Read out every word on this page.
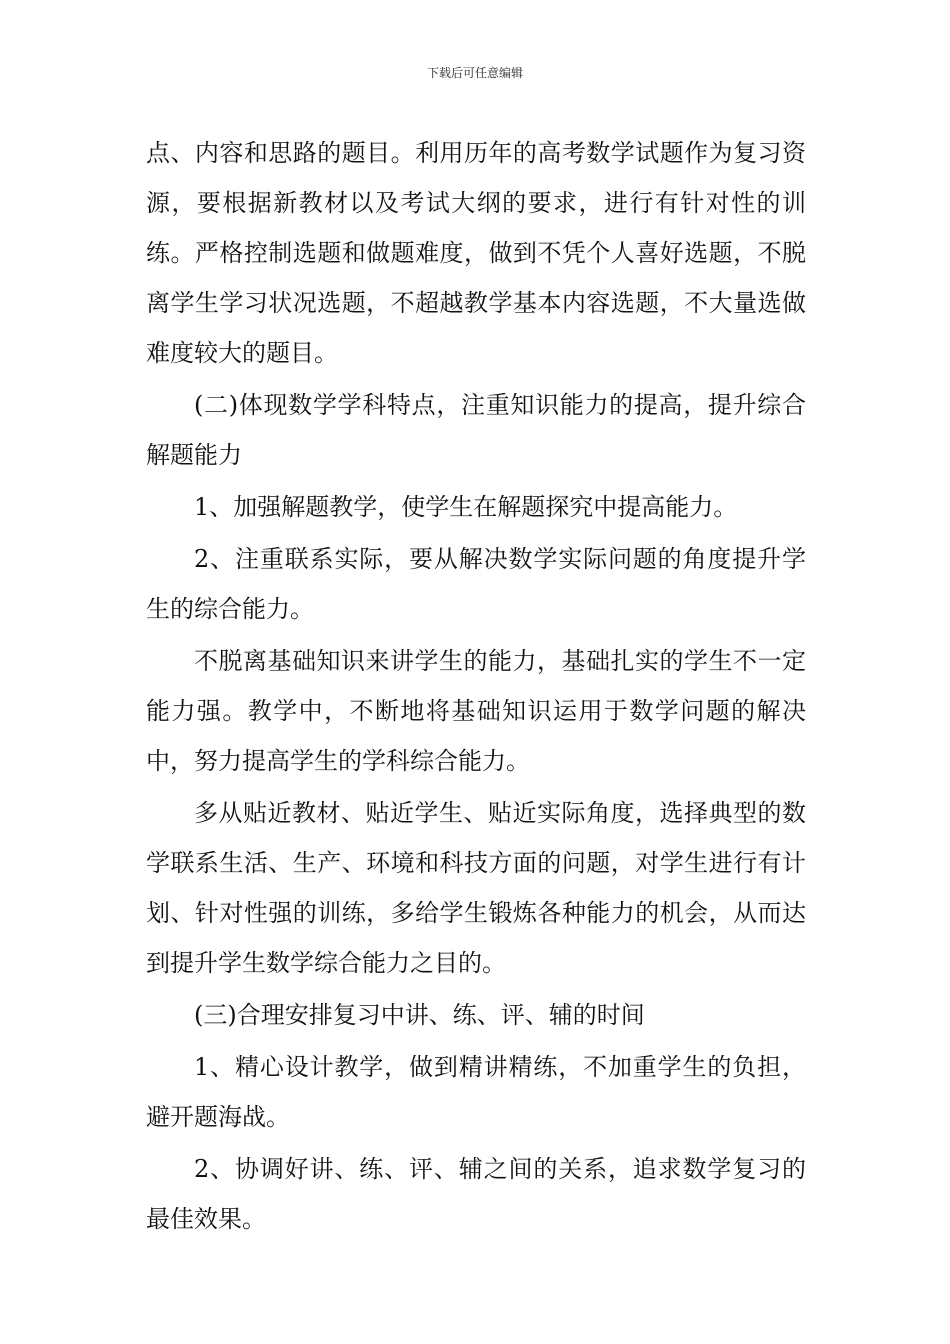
下载后可任意编辑

点、内容和思路的题目。利用历年的高考数学试题作为复习资源，要根据新教材以及考试大纲的要求，进行有针对性的训练。严格控制选题和做题难度，做到不凭个人喜好选题，不脱离学生学习状况选题，不超越教学基本内容选题，不大量选做难度较大的题目。

(二)体现数学学科特点，注重知识能力的提高，提升综合解题能力

1、加强解题教学，使学生在解题探究中提高能力。

2、注重联系实际，要从解决数学实际问题的角度提升学生的综合能力。

不脱离基础知识来讲学生的能力，基础扎实的学生不一定能力强。教学中，不断地将基础知识运用于数学问题的解决中，努力提高学生的学科综合能力。

多从贴近教材、贴近学生、贴近实际角度，选择典型的数学联系生活、生产、环境和科技方面的问题，对学生进行有计划、针对性强的训练，多给学生锻炼各种能力的机会，从而达到提升学生数学综合能力之目的。

(三)合理安排复习中讲、练、评、辅的时间

1、精心设计教学，做到精讲精练，不加重学生的负担，避开题海战。

2、协调好讲、练、评、辅之间的关系，追求数学复习的最佳效果。
